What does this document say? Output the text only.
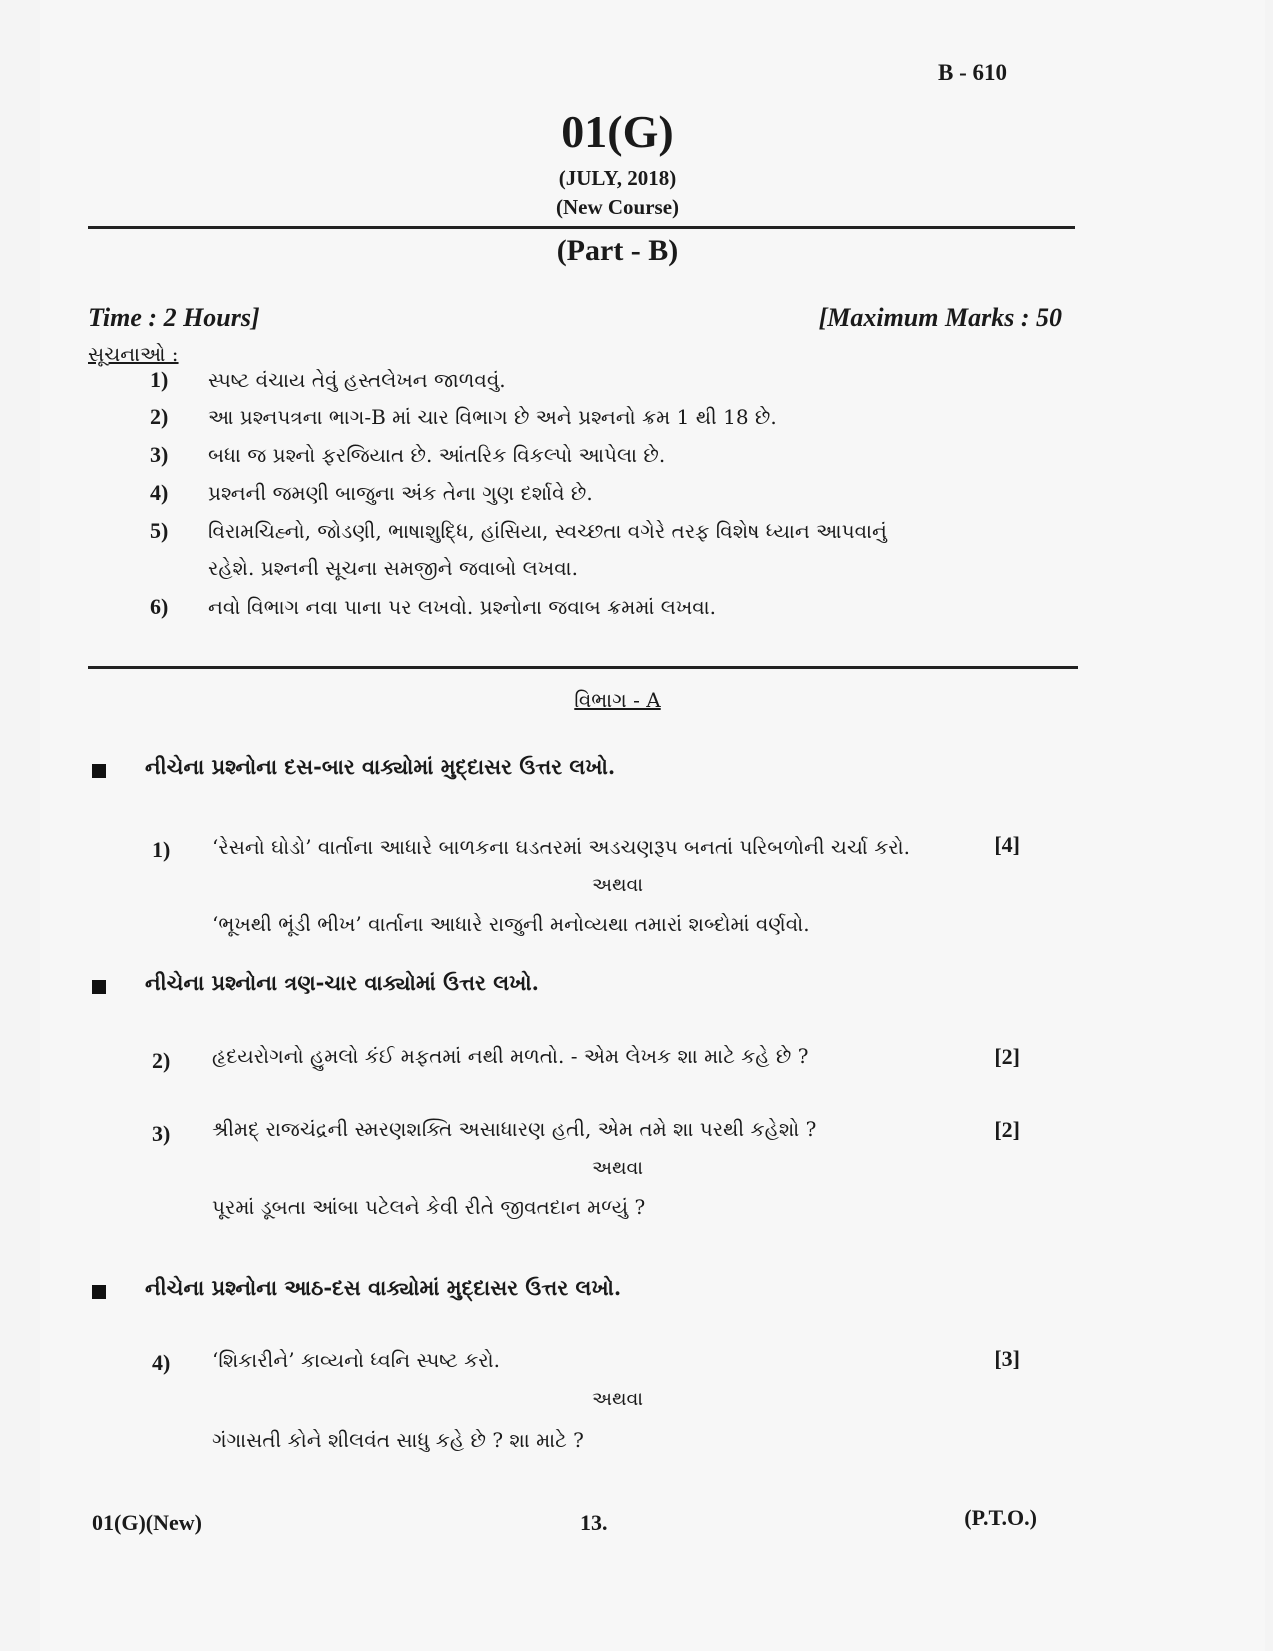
B - 610
01(G)
(JULY, 2018)
(New Course)
(Part - B)
Time : 2 Hours]	[Maximum Marks : 50
સૂચનાઓ :
1) સ્પષ્ટ વંચાય તેવું હસ્તલેખન જાળવવું.
2) આ પ્રશ્નપત્રના ભાગ-B માં ચાર વિભાગ છે અને પ્રશ્નનો ક્રમ 1 થી 18 છે.
3) બધા જ પ્રશ્નો ફરજિયાત છે. આંતરિક વિકલ્પો આપેલા છે.
4) પ્રશ્નની જમણી બાજુના અંક તેના ગુણ દર્શાવે છે.
5) વિરામચિહ્નો, જોડણી, ભાષાશુદ્ધિ, હાંસિયા, સ્વચ્છતા વગેરે તરફ વિશેષ ધ્યાન આપવાનું
રહેશે. પ્રશ્નની સૂચના સમજીને જવાબો લખવા.
6) નવો વિભાગ નવા પાના પર લખવો. પ્રશ્નોના જવાબ ક્રમમાં લખવા.
વિભાગ - A
નીચેના પ્રશ્નોના દસ-બાર વાક્યોમાં મુદ્દાસર ઉત્તર લખો.
1) ‘રેસનો ઘોડો’ વાર્તાના આધારે બાળકના ઘડતરમાં અડચણરૂપ બનતાં પરિબળોની ચર્ચા કરો.	[4]
અથવા
‘ભૂખથી ભૂંડી ભીખ’ વાર્તાના આધારે રાજુની મનોવ્યથા તમારાં શબ્દોમાં વર્ણવો.
નીચેના પ્રશ્નોના ત્રણ-ચાર વાક્યોમાં ઉત્તર લખો.
2) હૃદયરોગનો હુમલો કંઈ મફતમાં નથી મળતો. - એમ લેખક શા માટે કહે છે ?	[2]
3) શ્રીમદ્ રાજચંદ્રની સ્મરણશક્તિ અસાધારણ હતી, એમ તમે શા પરથી કહેશો ?	[2]
અથવા
પૂરમાં ડૂબતા આંબા પટેલને કેવી રીતે જીવતદાન મળ્યું ?
નીચેના પ્રશ્નોના આઠ-દસ વાક્યોમાં મુદ્દાસર ઉત્તર લખો.
4) ‘શિકારીને’ કાવ્યનો ધ્વનિ સ્પષ્ટ કરો.	[3]
અથવા
ગંગાસતી કોને શીલવંત સાધુ કહે છે ? શા માટે ?
01(G)(New)	13.	(P.T.O.)
